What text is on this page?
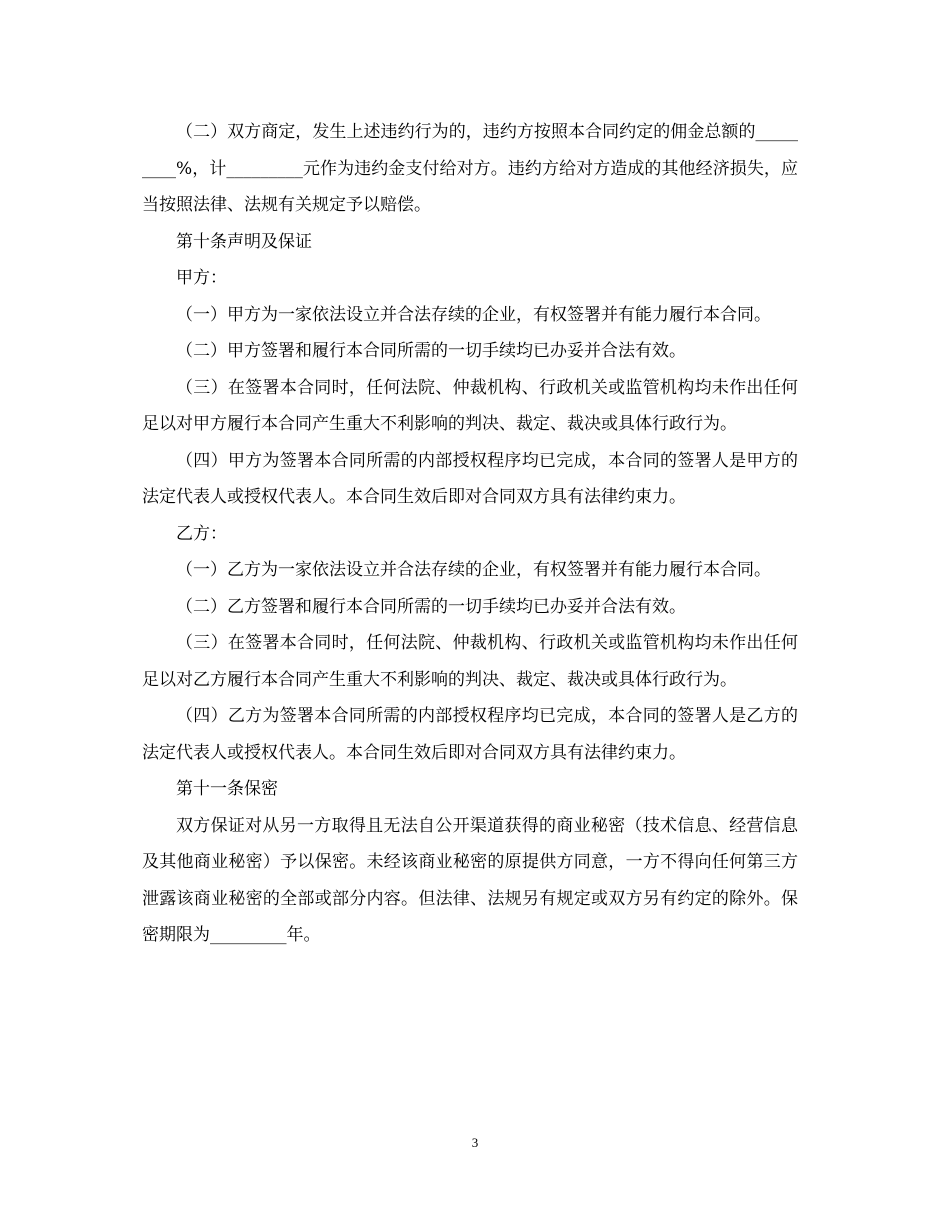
（二）双方商定，发生上述违约行为的，违约方按照本合同约定的佣金总额的_________%，计_________元作为违约金支付给对方。违约方给对方造成的其他经济损失，应当按照法律、法规有关规定予以赔偿。

第十条声明及保证

甲方：

（一）甲方为一家依法设立并合法存续的企业，有权签署并有能力履行本合同。

（二）甲方签署和履行本合同所需的一切手续均已办妥并合法有效。

（三）在签署本合同时，任何法院、仲裁机构、行政机关或监管机构均未作出任何足以对甲方履行本合同产生重大不利影响的判决、裁定、裁决或具体行政行为。

（四）甲方为签署本合同所需的内部授权程序均已完成，本合同的签署人是甲方的法定代表人或授权代表人。本合同生效后即对合同双方具有法律约束力。

乙方：

（一）乙方为一家依法设立并合法存续的企业，有权签署并有能力履行本合同。

（二）乙方签署和履行本合同所需的一切手续均已办妥并合法有效。

（三）在签署本合同时，任何法院、仲裁机构、行政机关或监管机构均未作出任何足以对乙方履行本合同产生重大不利影响的判决、裁定、裁决或具体行政行为。

（四）乙方为签署本合同所需的内部授权程序均已完成，本合同的签署人是乙方的法定代表人或授权代表人。本合同生效后即对合同双方具有法律约束力。

第十一条保密

双方保证对从另一方取得且无法自公开渠道获得的商业秘密（技术信息、经营信息及其他商业秘密）予以保密。未经该商业秘密的原提供方同意，一方不得向任何第三方泄露该商业秘密的全部或部分内容。但法律、法规另有规定或双方另有约定的除外。保密期限为_________年。

3
